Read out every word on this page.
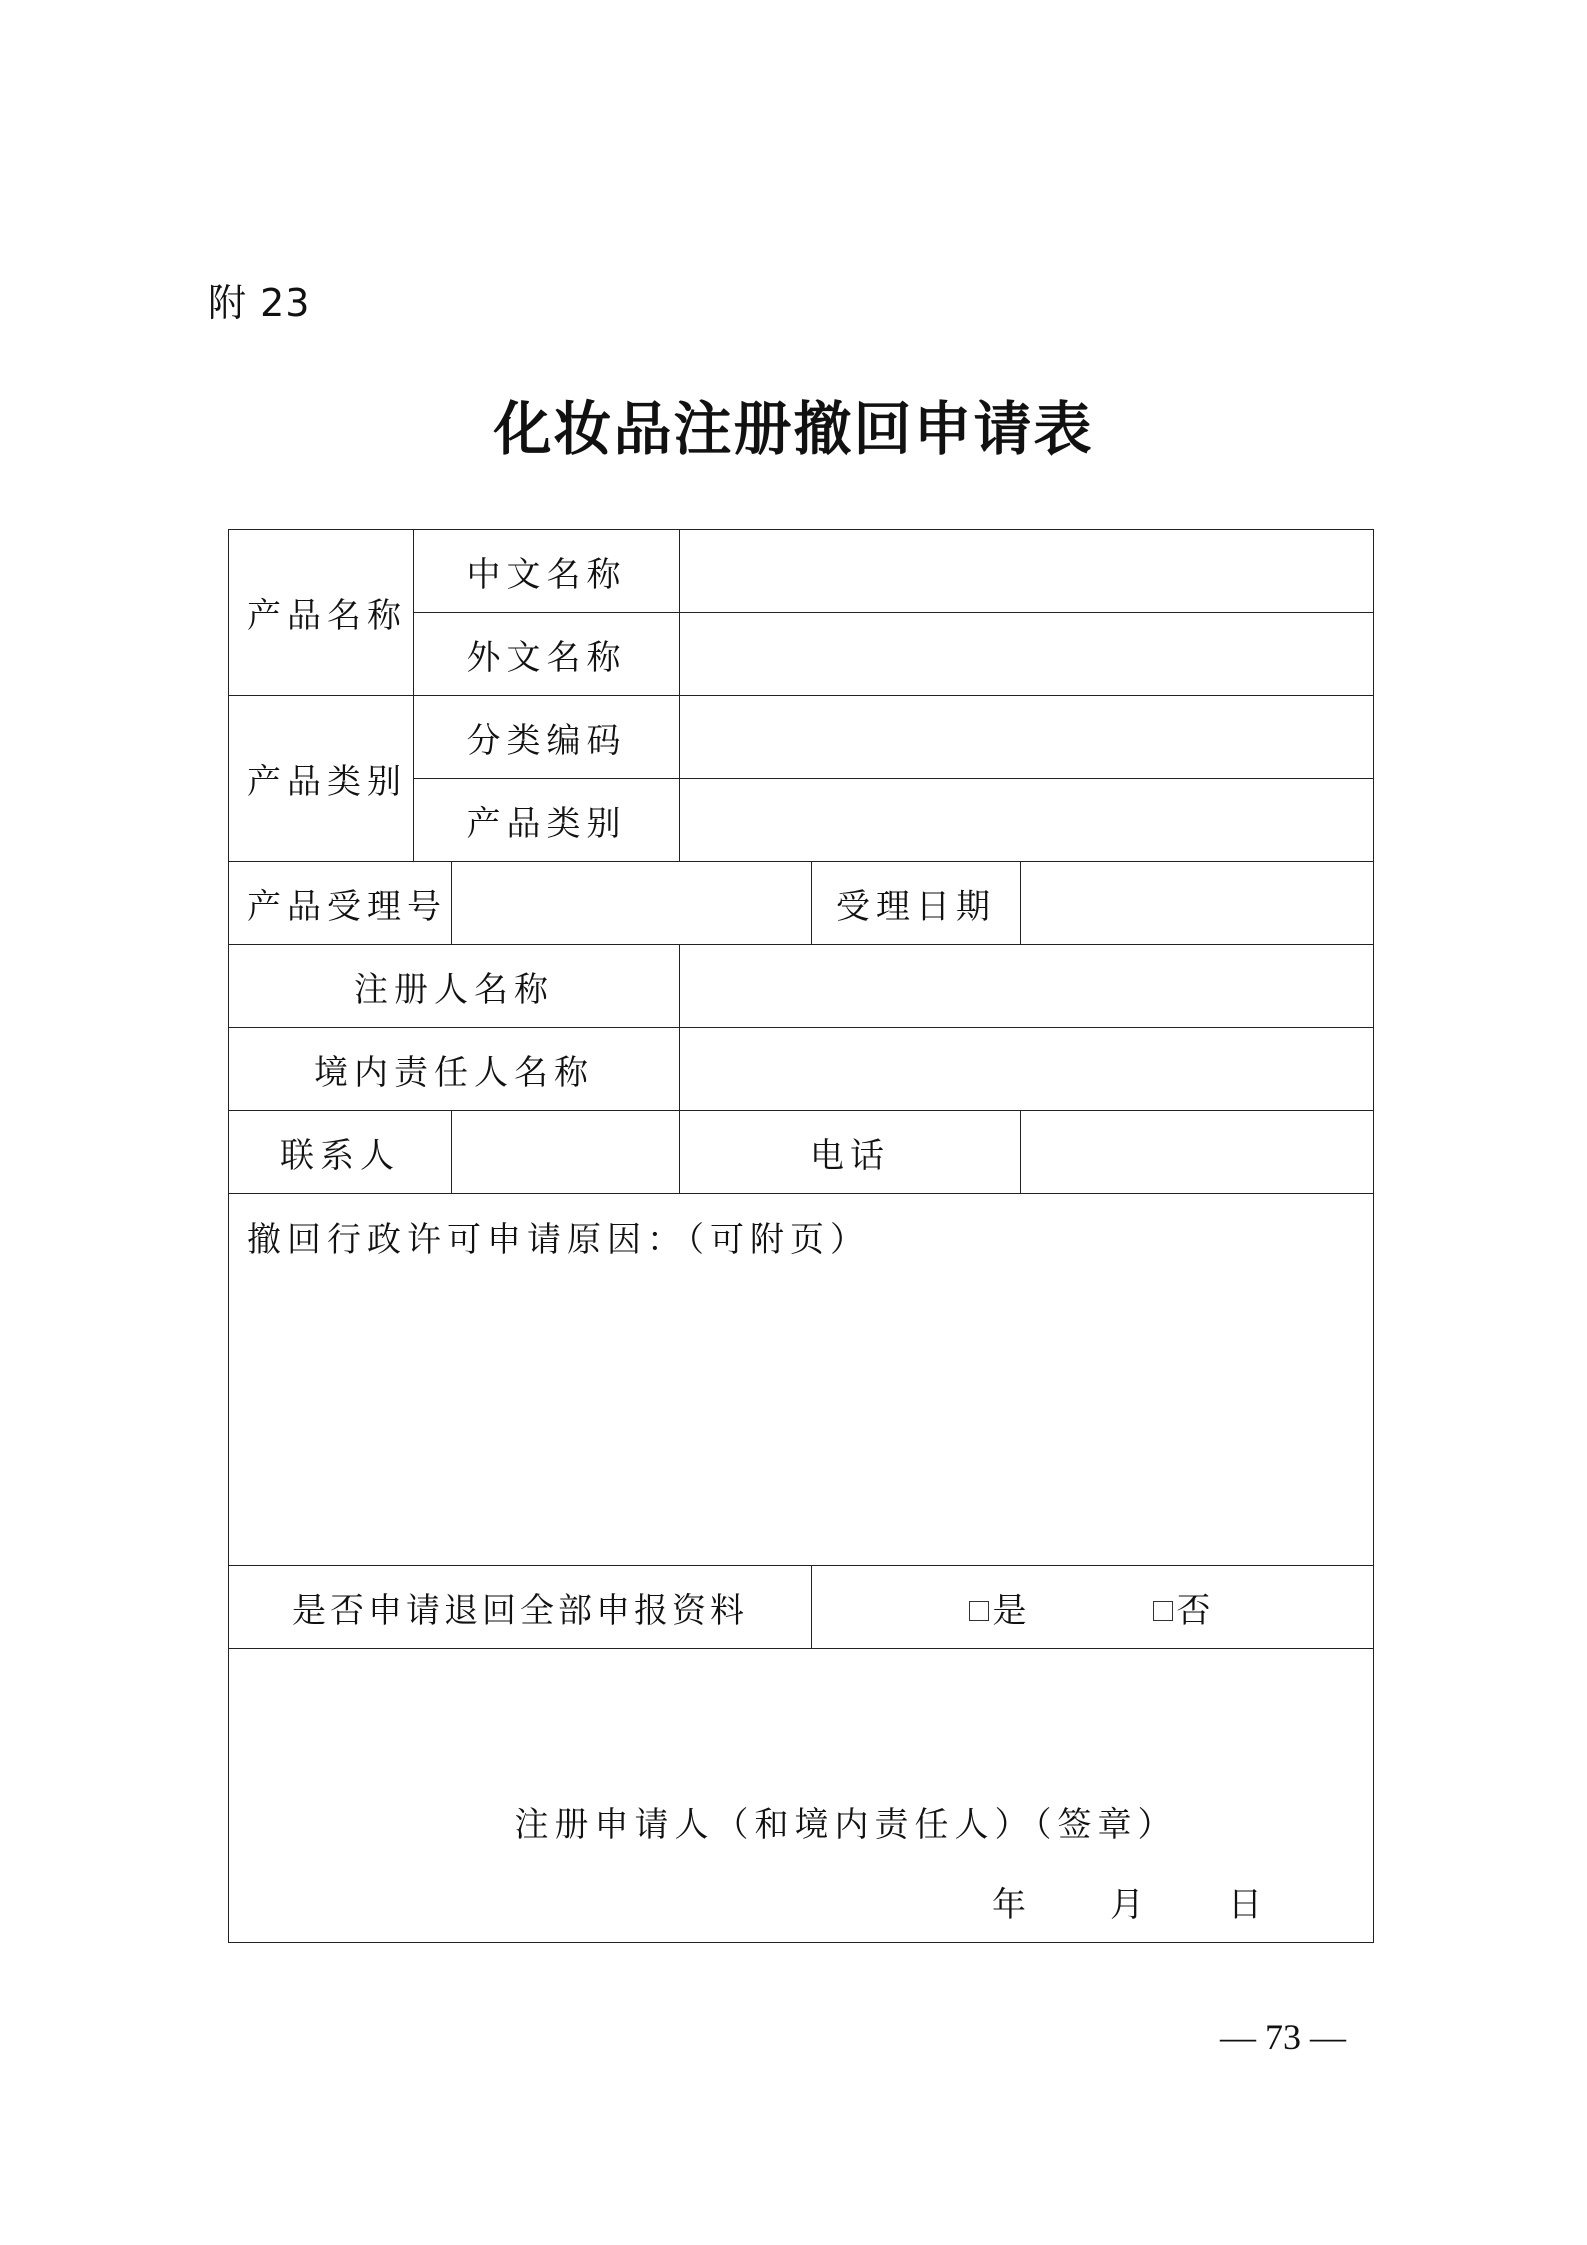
附 23
化妆品注册撤回申请表
产品名称	中文名称				
	外文名称				
产品类别	分类编码				
	产品类别				
产品受理号				受理日期	
注册人名称					
境内责任人名称					
联系人			电话		
撤回行政许可申请原因：（可附页）					
是否申请退回全部申报资料				是 否	

注册申请人（和境内责任人）（签章）
年 月 日					
— 73 —
